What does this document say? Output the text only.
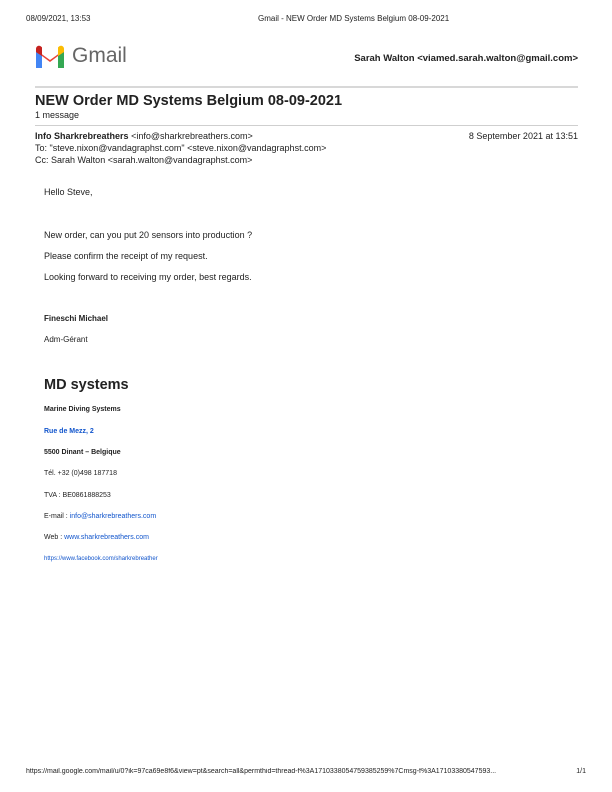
08/09/2021, 13:53	Gmail - NEW Order MD Systems Belgium 08-09-2021
Gmail	Sarah Walton <viamed.sarah.walton@gmail.com>
NEW Order MD Systems Belgium 08-09-2021
1 message
Info Sharkrebreathers <info@sharkrebreathers.com>	8 September 2021 at 13:51
To: "steve.nixon@vandagraphst.com" <steve.nixon@vandagraphst.com>
Cc: Sarah Walton <sarah.walton@vandagraphst.com>
Hello Steve,
New order, can you put 20 sensors into production ?
Please confirm the receipt of my request.
Looking forward to receiving my order, best regards.
Fineschi Michael
Adm-Gérant
MD systems
Marine Diving Systems
Rue de Mezz, 2
5500 Dinant – Belgique
Tél. +32 (0)498 187718
TVA : BE0861888253
E-mail : info@sharkrebreathers.com
Web : www.sharkrebreathers.com
https://www.facebook.com/sharkrebreather
https://mail.google.com/mail/u/0?ik=97ca69e8f6&view=pt&search=all&permthid=thread-f%3A1710338054759385259%7Cmsg-f%3A17103380547593...	1/1
